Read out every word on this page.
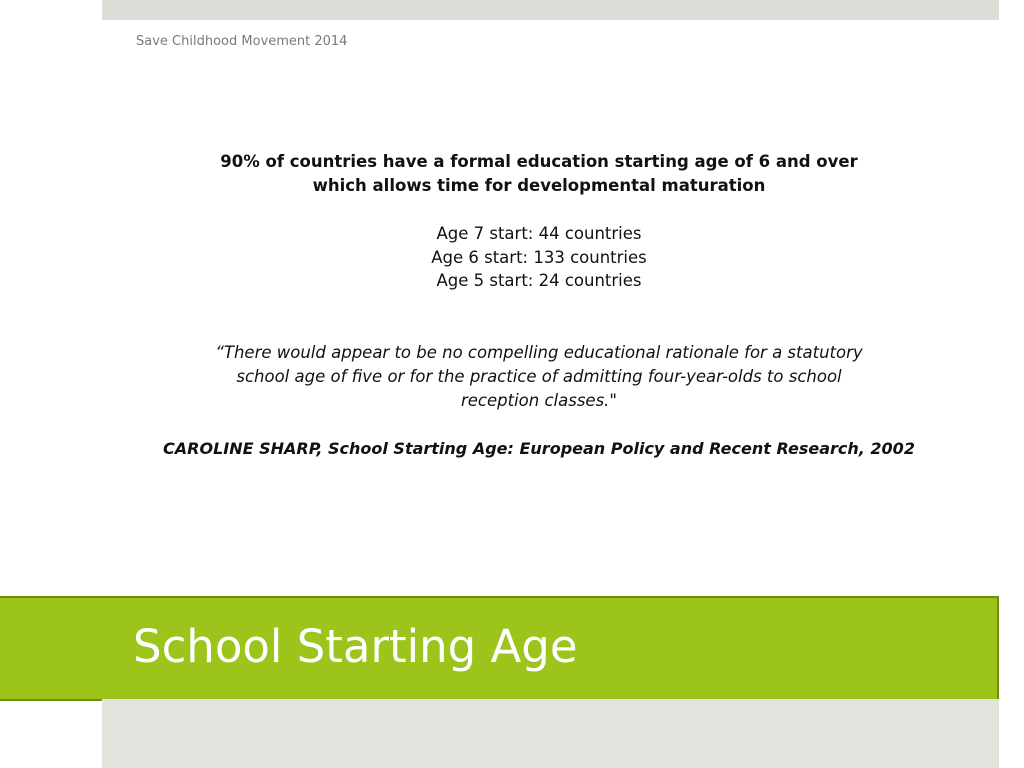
Save Childhood Movement 2014

90% of countries have a formal education starting age of 6 and over
which allows time for developmental maturation

Age 7 start: 44 countries
Age 6 start: 133 countries
Age 5 start: 24 countries
“There would appear to be no compelling educational rationale for a statutory
school age of five or for the practice of admitting four-year-olds to school
reception classes."
CAROLINE SHARP, School Starting Age: European Policy and Recent Research, 2002
School Starting Age
